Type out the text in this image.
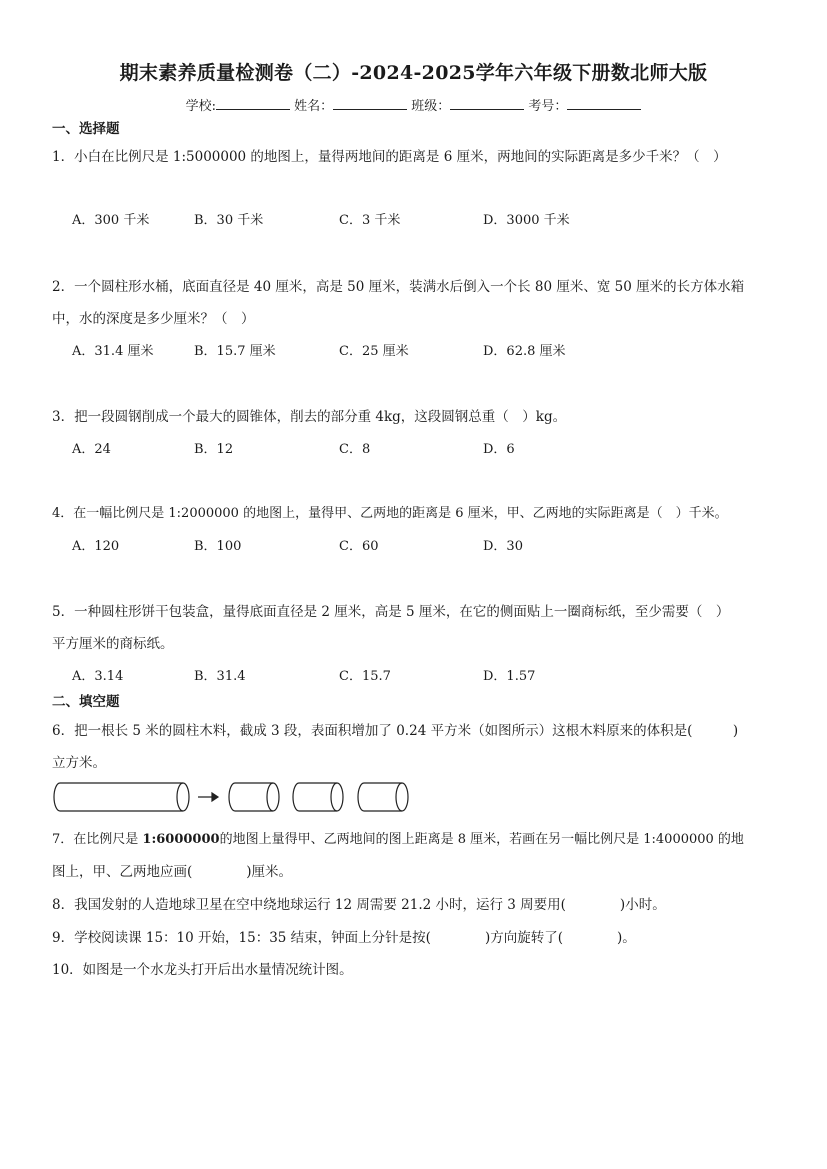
期末素养质量检测卷（二）-2024-2025学年六年级下册数北师大版
学校:	姓名：	班级：	考号：
一、选择题
1．小白在比例尺是 1:5000000 的地图上，量得两地间的距离是 6 厘米，两地间的实际距离是多少千米？（　）
A．300 千米	B．30 千米	C．3 千米	D．3000 千米
2．一个圆柱形水桶，底面直径是 40 厘米，高是 50 厘米，装满水后倒入一个长 80 厘米、宽 50 厘米的长方体水箱
中，水的深度是多少厘米？（　）
A．31.4 厘米	B．15.7 厘米	C．25 厘米	D．62.8 厘米
3．把一段圆钢削成一个最大的圆锥体，削去的部分重 4kg，这段圆钢总重（　）kg。
A．24	B．12	C．8	D．6
4．在一幅比例尺是 1:2000000 的地图上，量得甲、乙两地的距离是 6 厘米，甲、乙两地的实际距离是（　）千米。
A．120	B．100	C．60	D．30
5．一种圆柱形饼干包装盒，量得底面直径是 2 厘米，高是 5 厘米，在它的侧面贴上一圈商标纸，至少需要（　）
平方厘米的商标纸。
A．3.14	B．31.4	C．15.7	D．1.57
二、填空题
6．把一根长 5 米的圆柱木料，截成 3 段，表面积增加了 0.24 平方米（如图所示）这根木料原来的体积是(　　　)
立方米。
7．在比例尺是 1:6000000的地图上量得甲、乙两地间的图上距离是 8 厘米，若画在另一幅比例尺是 1:4000000 的地
图上，甲、乙两地应画(　　　　)厘米。
8．我国发射的人造地球卫星在空中绕地球运行 12 周需要 21.2 小时，运行 3 周要用(　　　　)小时。
9．学校阅读课 15：10 开始，15：35 结束，钟面上分针是按(　　　　)方向旋转了(　　　　)。
10．如图是一个水龙头打开后出水量情况统计图。
